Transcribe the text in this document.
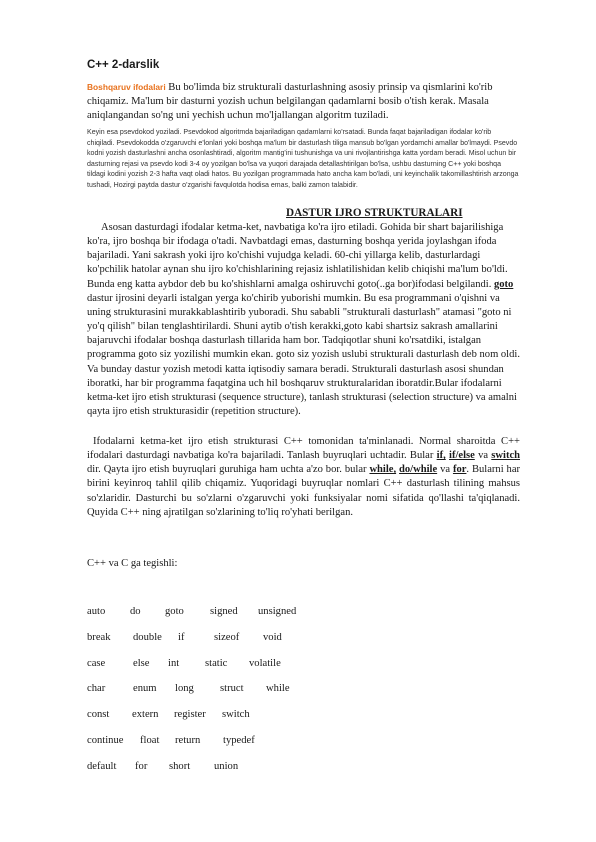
C++ 2-darslik
Boshqaruv ifodalari Bu bo'limda biz strukturali dasturlashning asosiy prinsip va qismlarini ko'rib chiqamiz. Ma'lum bir dasturni yozish uchun belgilangan qadamlarni bosib o'tish kerak. Masala aniqlangandan so'ng uni yechish uchun mo'ljallangan algoritm tuziladi.
Keyin esa psevdokod yoziladi. Psevdokod algoritmda bajariladigan qadamlarni ko'rsatadi. Bunda faqat bajariladigan ifodalar ko'rib chiqiladi. Psevdokodda o'zgaruvchi e'lonlari yoki boshqa ma'lum bir dasturlash tiliga mansub bo'lgan yordamchi amallar bo'lmaydi. Psevdo kodni yozish dasturlashni ancha osonlashtiradi, algoritm mantig'ini tushunishga va uni rivojlantirishga katta yordam beradi. Misol uchun bir dasturning rejasi va psevdo kodi 3-4 oy yozilgan bo'lsa va yuqori darajada detallashtirilgan bo'lsa, ushbu dasturning C++ yoki boshqa tildagi kodini yozish 2-3 hafta vaqt oladi hatos. Bu yozilgan programmada hato ancha kam bo'ladi, uni keyinchalik takomillashtirish arzonga tushadi, Hozirgi paytda dastur o'zgarishi favqulotda hodisa emas, balki zamon talabidir.
DASTUR IJRO STRUKTURALARI

Asosan dasturdagi ifodalar ketma-ket, navbatiga ko'ra ijro etiladi. Gohida bir shart bajarilishiga ko'ra, ijro boshqa bir ifodaga o'tadi. Navbatdagi emas, dasturning boshqa yerida joylashgan ifoda bajariladi. Yani sakrash yoki ijro ko'chishi vujudga keladi. 60-chi yillarga kelib, dasturlardagi ko'pchilik hatolar aynan shu ijro ko'chishlarining rejasiz ishlatilishidan kelib chiqishi ma'lum bo'ldi. Bunda eng katta aybdor deb bu ko'shishlarni amalga oshiruvchi goto(..ga bor)ifodasi belgilandi. goto dastur ijrosini deyarli istalgan yerga ko'chirib yuborishi mumkin. Bu esa programmani o'qishni va uning strukturasini murakkablashtirib yuboradi. Shu sababli "strukturali dasturlash" atamasi "goto ni yo'q qilish" bilan tenglashtirilardi. Shuni aytib o'tish kerakki,goto kabi shartsiz sakrash amallarini bajaruvchi ifodalar boshqa dasturlash tillarida ham bor. Tadqiqotlar shuni ko'rsatdiki, istalgan programma goto siz yozilishi mumkin ekan. goto siz yozish uslubi strukturali dasturlash deb nom oldi. Va bunday dastur yozish metodi katta iqtisodiy samara beradi. Strukturali dasturlash asosi shundan iboratki, har bir programma faqatgina uch hil boshqaruv strukturalaridan iboratdir.Bular ifodalarni ketma-ket ijro etish strukturasi (sequence structure), tanlash strukturasi (selection structure) va amalni qayta ijro etish strukturasidir (repetition structure).

Ifodalarni ketma-ket ijro etish strukturasi C++ tomonidan ta'minlanadi. Normal sharoitda C++ ifodalari dasturdagi navbatiga ko'ra bajariladi. Tanlash buyruqlari uchtadir. Bular if, if/else va switch dir. Qayta ijro etish buyruqlari guruhiga ham uchta a'zo bor. bular while, do/while va for. Bularni har birini keyinroq tahlil qilib chiqamiz. Yuqoridagi buyruqlar nomlari C++ dasturlash tilining mahsus so'zlaridir. Dasturchi bu so'zlarni o'zgaruvchi yoki funksiyalar nomi sifatida qo'llashi ta'qiqlanadi. Quyida C++ ning ajratilgan so'zlarining to'liq ro'yhati berilgan.

C++ va C ga tegishli:
auto do goto signed unsigned
break double if	sizeof void
case	else int static volatile
char	enum long struct while
const extern register switch
continue float return typedef
default for short union
